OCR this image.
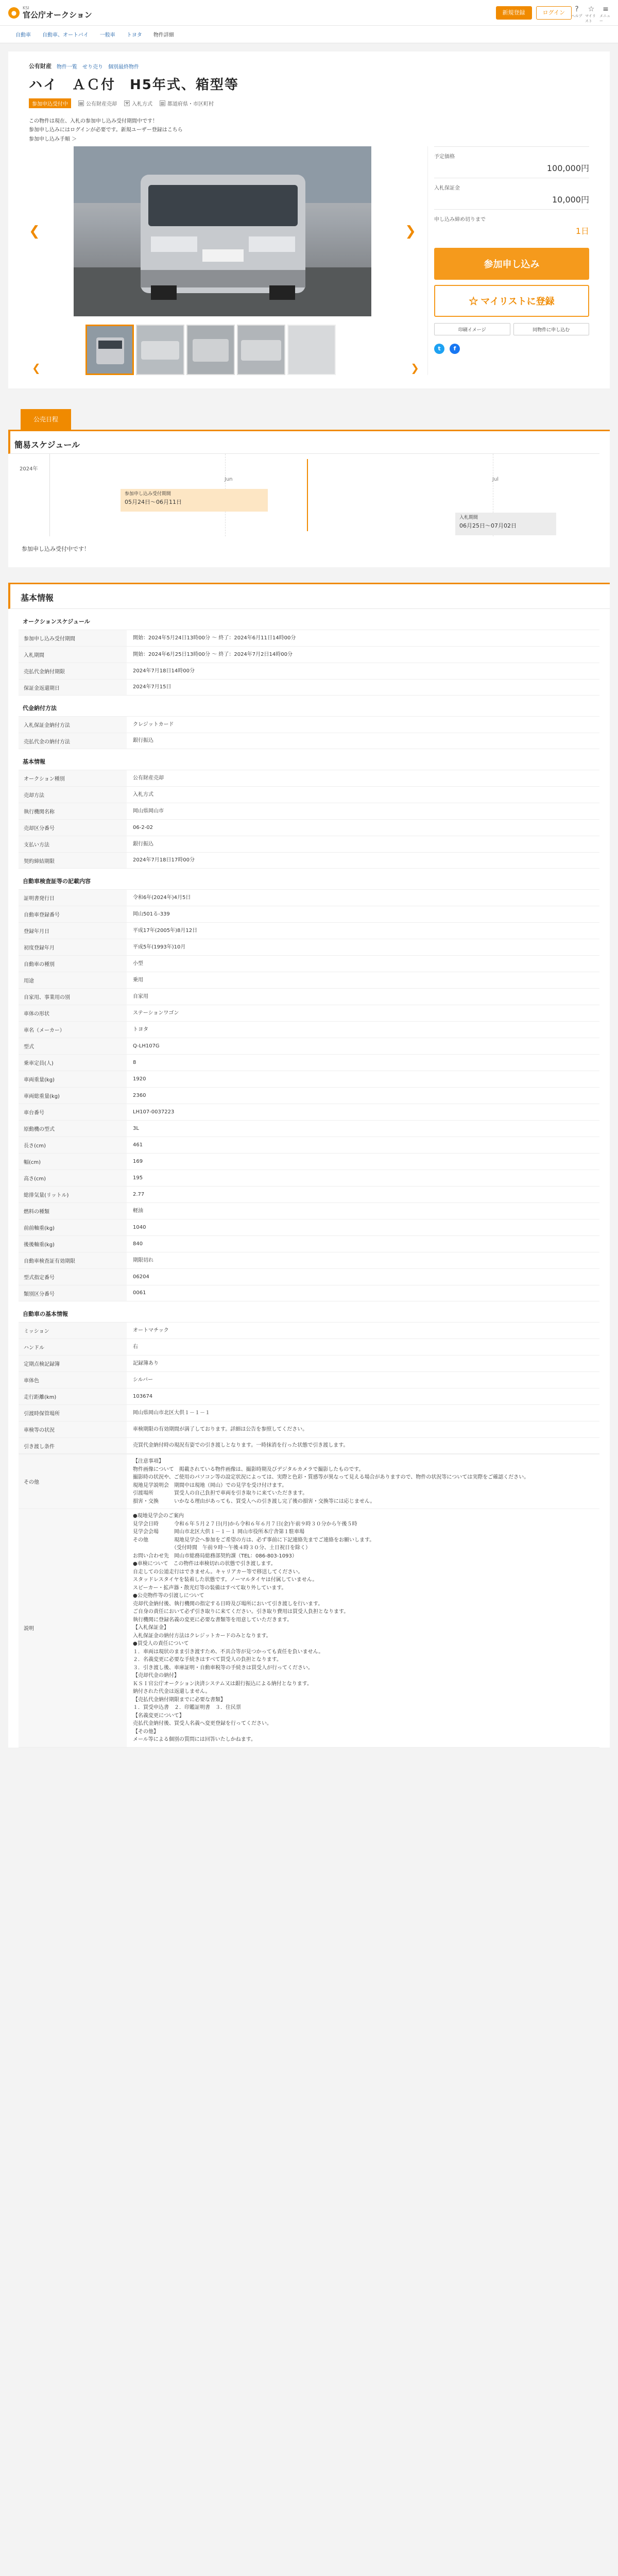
●
KSI
官公庁オークション	新規登録	ログイン	?
ヘルプ
☆
マイリスト
≡
メニュー
自動車 自動車、オートバイ 一般車 トヨタ 物件詳細
公有財産 物件一覧 せり売り 個別最終物件
ハイ　ＡＣ付　H5年式、箱型等
参加申込受付中	▤ 公有財産売却 ⚒ 入札方式 ▥ 都道府県・市区町村

この物件は現在、入札の参加申し込み受付期間中です！

参加申し込みにはログインが必要です。新規ユーザー登録はこちら

参加申し込み手順 ＞
❮	❯
❮	❯
予定価格
100,000円
入札保証金
10,000円
申し込み締め切りまで
1日
参加申し込み ☆ マイリストに登録
印刷イメージ	同物件に申し込む
t	f
公売日程
簡易スケジュール
2024年
Jun	Jul
参加申し込み受付期間
05月24日～06月11日
入札期間
06月25日～07月02日
参加申し込み受付中です！
基本情報
オークションスケジュール
参加申し込み受付期間	開始：2024年5月24日13時00分 ～ 終了：2024年6月11日14時00分
入札期間	開始：2024年6月25日13時00分 ～ 終了：2024年7月2日14時00分
売払代金納付期限	2024年7月18日14時00分
保証金返還期日	2024年7月15日
代金納付方法
入札保証金納付方法	クレジットカード
売払代金の納付方法	銀行振込
基本情報
オークション種別	公有財産売却
売却方法	入札方式
執行機関名称	岡山県岡山市
売却区分番号	06-2-02
支払い方法	銀行振込
契約締結期限	2024年7月18日17時00分
自動車検査証等の記載内容
証明書発行日	令和6年(2024年)4月5日
自動車登録番号	岡山501る-339
登録年月日	平成17年(2005年)8月12日
初度登録年月	平成5年(1993年)10月
自動車の種別	小型
用途	乗用
自家用、事業用の別	自家用
車体の形状	ステーションワゴン
車名（メーカー）	トヨタ
型式	Q-LH107G
乗車定員(人)	8
車両重量(kg)	1920
車両総重量(kg)	2360
車台番号	LH107-0037223
原動機の型式	3L
長さ(cm)	461
幅(cm)	169
高さ(cm)	195
総排気量(リットル)	2.77
燃料の種類	軽油
前前軸重(kg)	1040
後後軸重(kg)	840
自動車検査証有効期限	期限切れ
型式指定番号	06204
類別区分番号	0061
自動車の基本情報
ミッション	オートマチック
ハンドル	右
定期点検記録簿	記録簿あり
車体色	シルバー
走行距離(km)	103674
引渡時保管場所	岡山県岡山市北区大供１－１－１
車検等の状況	車検期限の有効期間が満了しております。詳細は公告を参照してください。
引き渡し条件	売買代金納付時の現況有姿での引き渡しとなります。一時抹消を行った状態で引き渡します。
その他
【注意事項】
物件画像について　掲載されている物件画像は、撮影時期及びデジタルカメラで撮影したものです。
撮影時の状況や、ご使用のパソコン等の設定状況によっては、実際と色彩・質感等が異なって見える場合がありますので、物件の状況等については実際をご確認ください。
現地見学説明会　期間中は現地（岡山）での見学を受け付けます。
引渡場所　　　　買受人の自己負担で車両を引き取りに来ていただきます。
損害・交換　　　いかなる理由があっても、買受人への引き渡し完了後の損害・交換等には応じません。
説明
●現地見学会のご案内
見学会日時　　　令和６年５月２７日(月)から令和６年６月７日(金)午前９時３０分から午後５時
見学会会場　　　岡山市北区大供１－１－１ 岡山市役所本庁舎第１駐車場
その他　　　　　現地見学会へ参加をご希望の方は、必ず事前に下記連絡先までご連絡をお願いします。
　　　　　　　　（受付時間　午前９時～午後４時３０分、土日祝日を除く）
お問い合わせ先　岡山市総務局総務部契約課（TEL：086-803-1093）
●車検について　この物件は車検切れの状態で引き渡します。
自走しての公道走行はできません。キャリアカー等で移送してください。
スタッドレスタイヤを装着した状態です。ノーマルタイヤは付属していません。
スピーカー・拡声器・散光灯等の装備はすべて取り外しています。
●公売物件等の引渡しについて
売却代金納付後、執行機関の指定する日時及び場所において引き渡しを行います。
ご自身の責任において必ず引き取りに来てください。引き取り費用は買受人負担となります。
執行機関に登録名義の変更に必要な書類等を用意していただきます。
【入札保証金】
入札保証金の納付方法はクレジットカードのみとなります。
●買受人の責任について
１．車両は現状のまま引き渡すため、不具合等が見つかっても責任を負いません。
２．名義変更に必要な手続きはすべて買受人の負担となります。
３．引き渡し後、車庫証明・自動車税等の手続きは買受人が行ってください。
【売却代金の納付】
ＫＳＩ官公庁オークション決済システム又は銀行振込による納付となります。
納付された代金は返還しません。
【売払代金納付期限までに必要な書類】
１．買受申込書　２．印鑑証明書　３．住民票
【名義変更について】
売払代金納付後、買受人名義へ変更登録を行ってください。
【その他】
メール等による個別の質問には回答いたしかねます。
